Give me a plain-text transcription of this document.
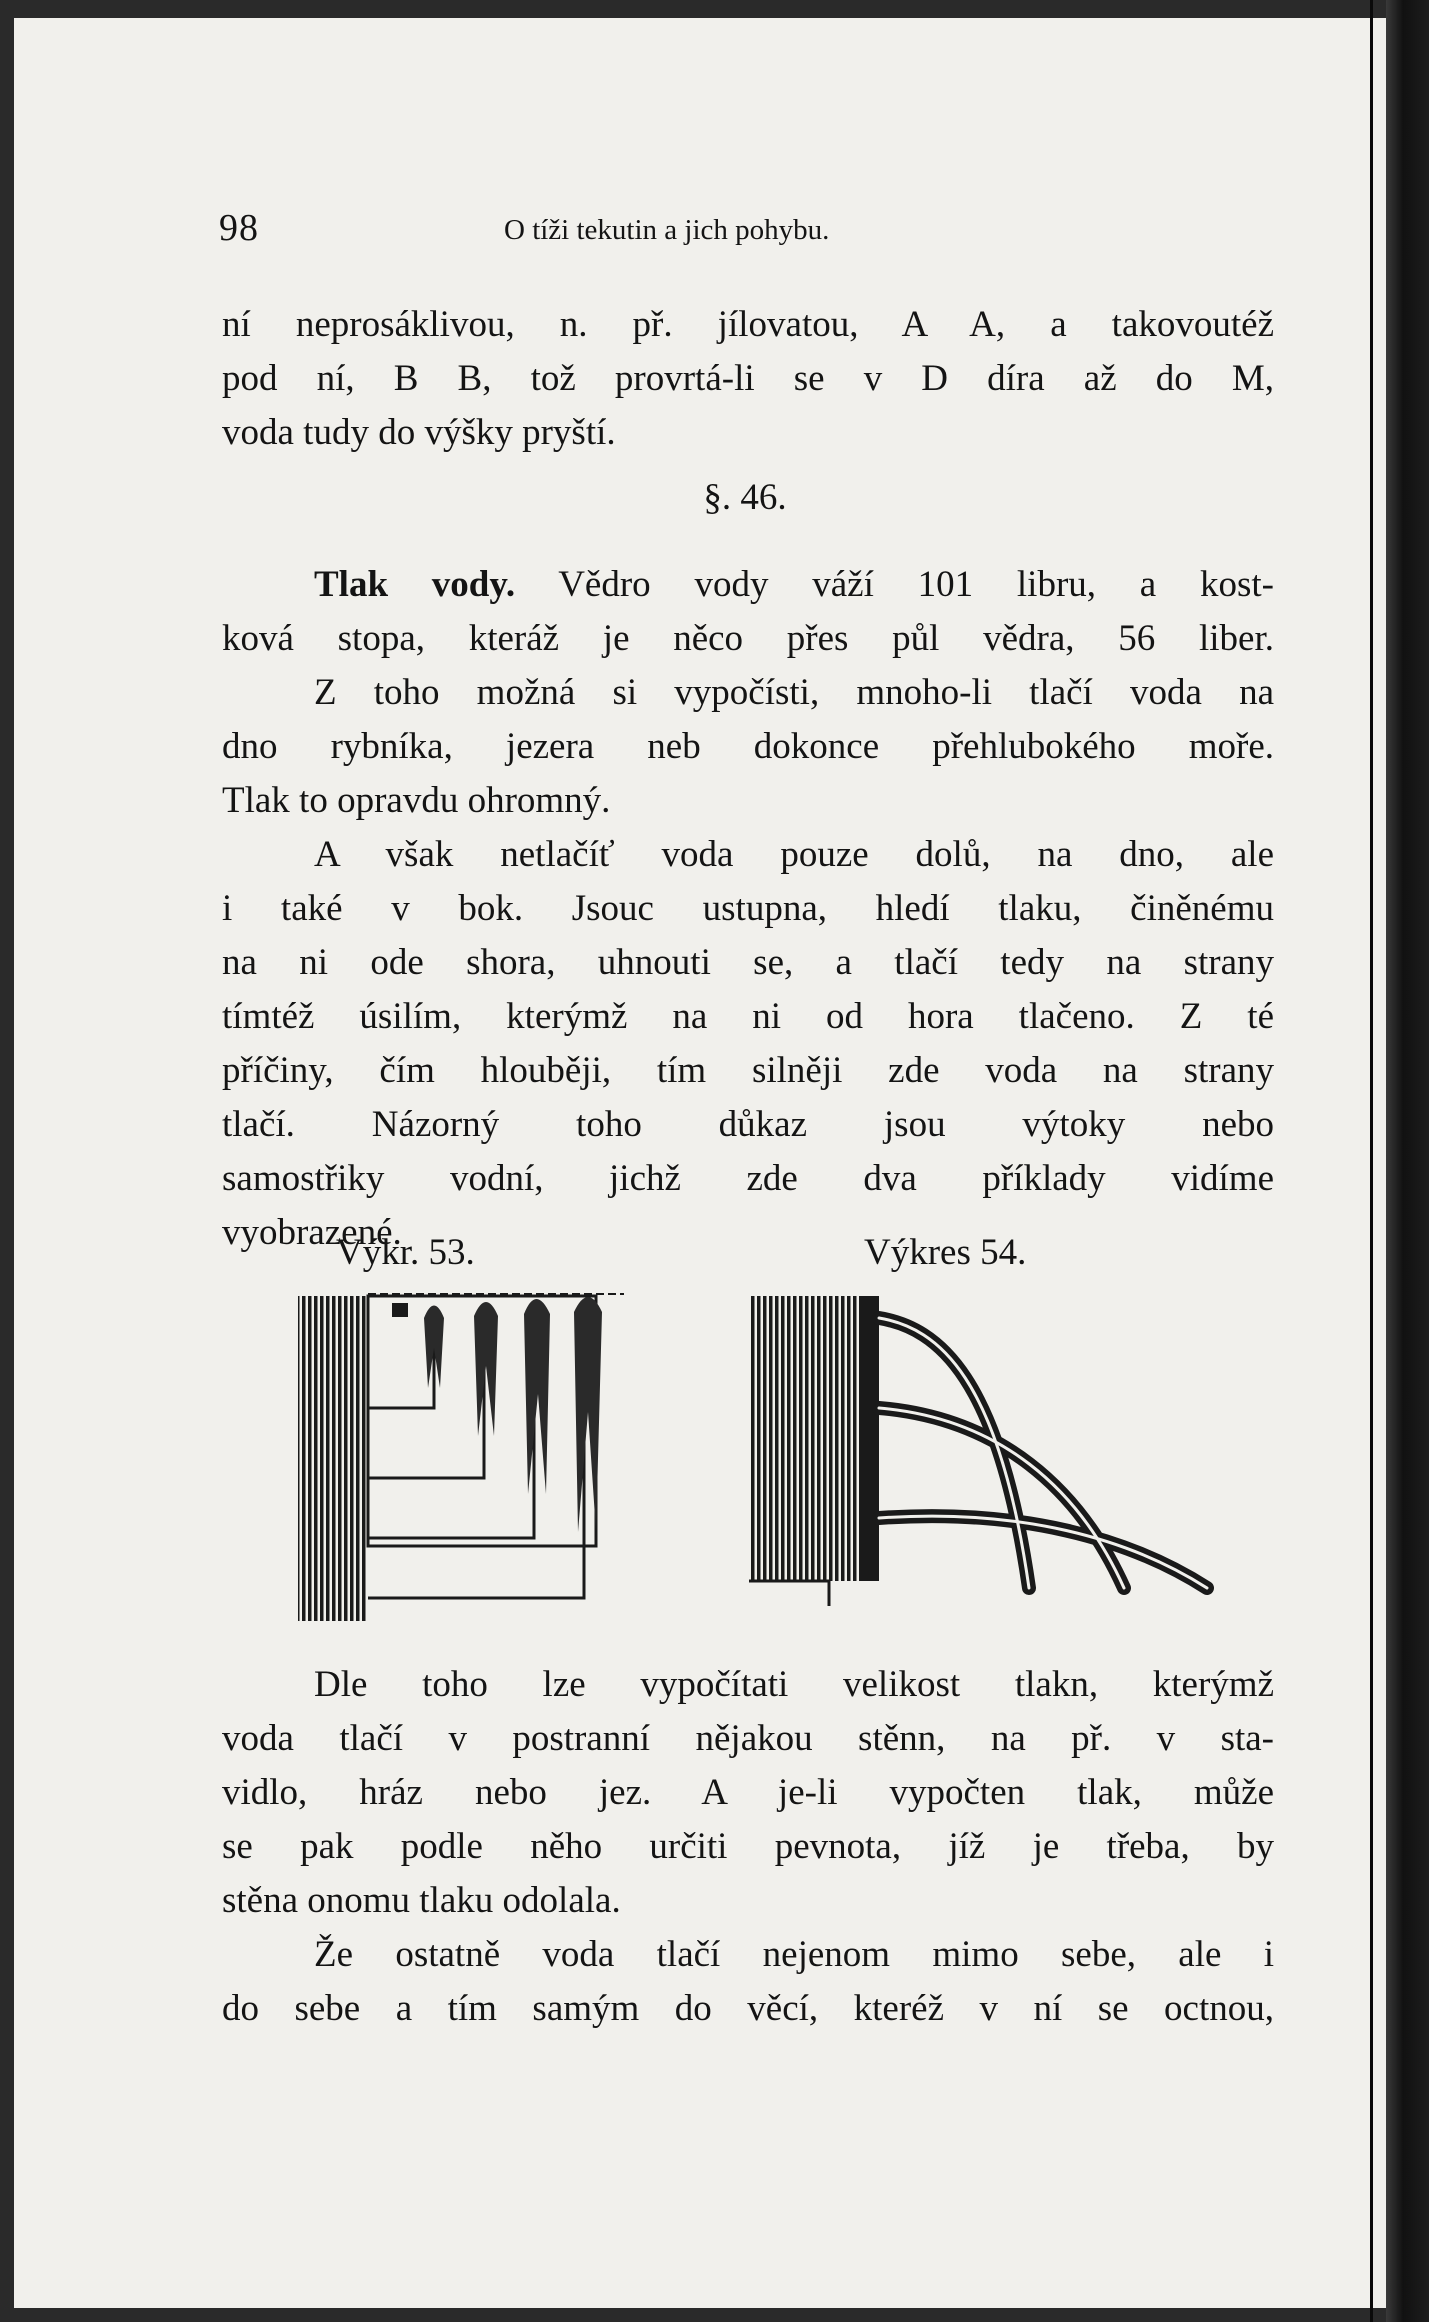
98	O tíži tekutin a jich pohybu.
ní neprosáklivou, n. př. jílovatou, A A, a takovoutéž
pod ní, B B, tož provrtá-li se v D díra až do M,
voda tudy do výšky pryští.
§. 46.
Tlak vody. Vědro vody váží 101 libru, a kost-
ková stopa, kteráž je něco přes půl vědra, 56 liber.
Z toho možná si vypočísti, mnoho-li tlačí voda na
dno rybníka, jezera neb dokonce přehlubokého moře.
Tlak to opravdu ohromný.
A však netlačíť voda pouze dolů, na dno, ale
i také v bok. Jsouc ustupna, hledí tlaku, činěnému
na ni ode shora, uhnouti se, a tlačí tedy na strany
tímtéž úsilím, kterýmž na ni od hora tlačeno. Z té
příčiny, čím hlouběji, tím silněji zde voda na strany
tlačí. Názorný toho důkaz jsou výtoky nebo
samostřiky vodní, jichž zde dva příklady vidíme
vyobrazené.
Výkr. 53.	Výkres 54.
Dle toho lze vypočítati velikost tlakn, kterýmž
voda tlačí v postranní nějakou stěnn, na př. v sta-
vidlo, hráz nebo jez. A je-li vypočten tlak, může
se pak podle něho určiti pevnota, jíž je třeba, by
stěna onomu tlaku odolala.
Že ostatně voda tlačí nejenom mimo sebe, ale i
do sebe a tím samým do věcí, kteréž v ní se octnou,
